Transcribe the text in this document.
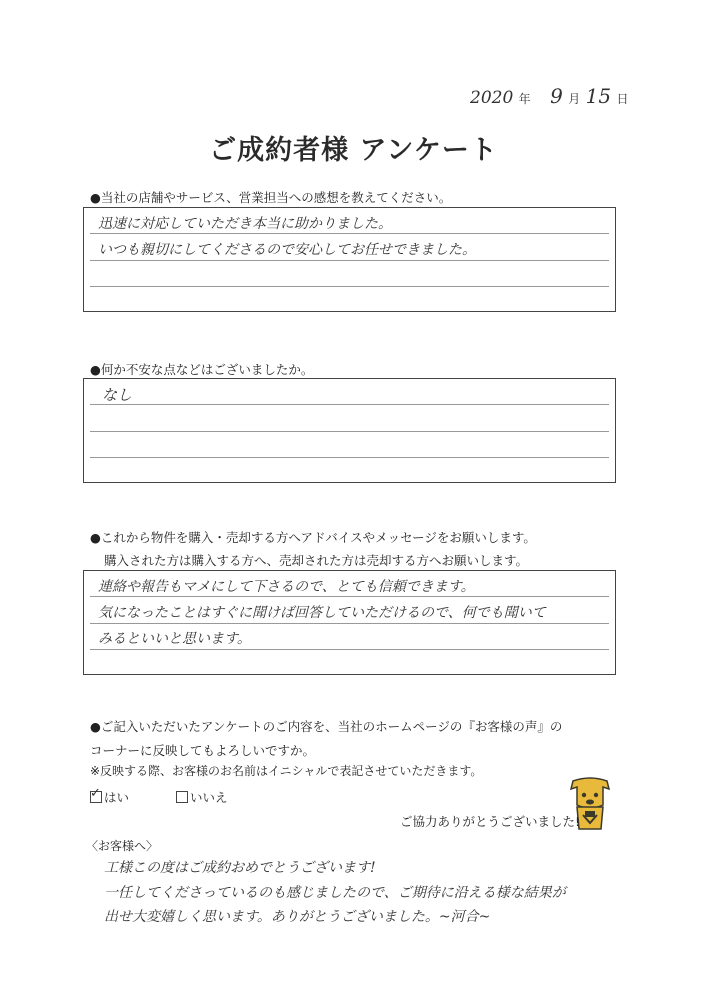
2020 年 9 月 15 日
ご成約者様 アンケート
●当社の店舗やサービス、営業担当への感想を教えてください。
迅速に対応していただき本当に助かりました。
いつも親切にしてくださるので安心してお任せできました。
●何か不安な点などはございましたか。
なし
●これから物件を購入・売却する方へアドバイスやメッセージをお願いします。
購入された方は購入する方へ、売却された方は売却する方へお願いします。
連絡や報告もマメにして下さるので、とても信頼できます。
気になったことはすぐに聞けば回答していただけるので、何でも聞いて
みるといいと思います。
●ご記入いただいたアンケートのご内容を、当社のホームページの『お客様の声』の
コーナーに反映してもよろしいですか。
※反映する際、お客様のお名前はイニシャルで表記させていただきます。
✓はい	いいえ
ご協力ありがとうございました!
〈お客様へ〉
工様この度はご成約おめでとうございます!
一任してくださっているのも感じましたので、ご期待に沿える様な結果が
出せ大変嬉しく思います。ありがとうございました。~河合~
